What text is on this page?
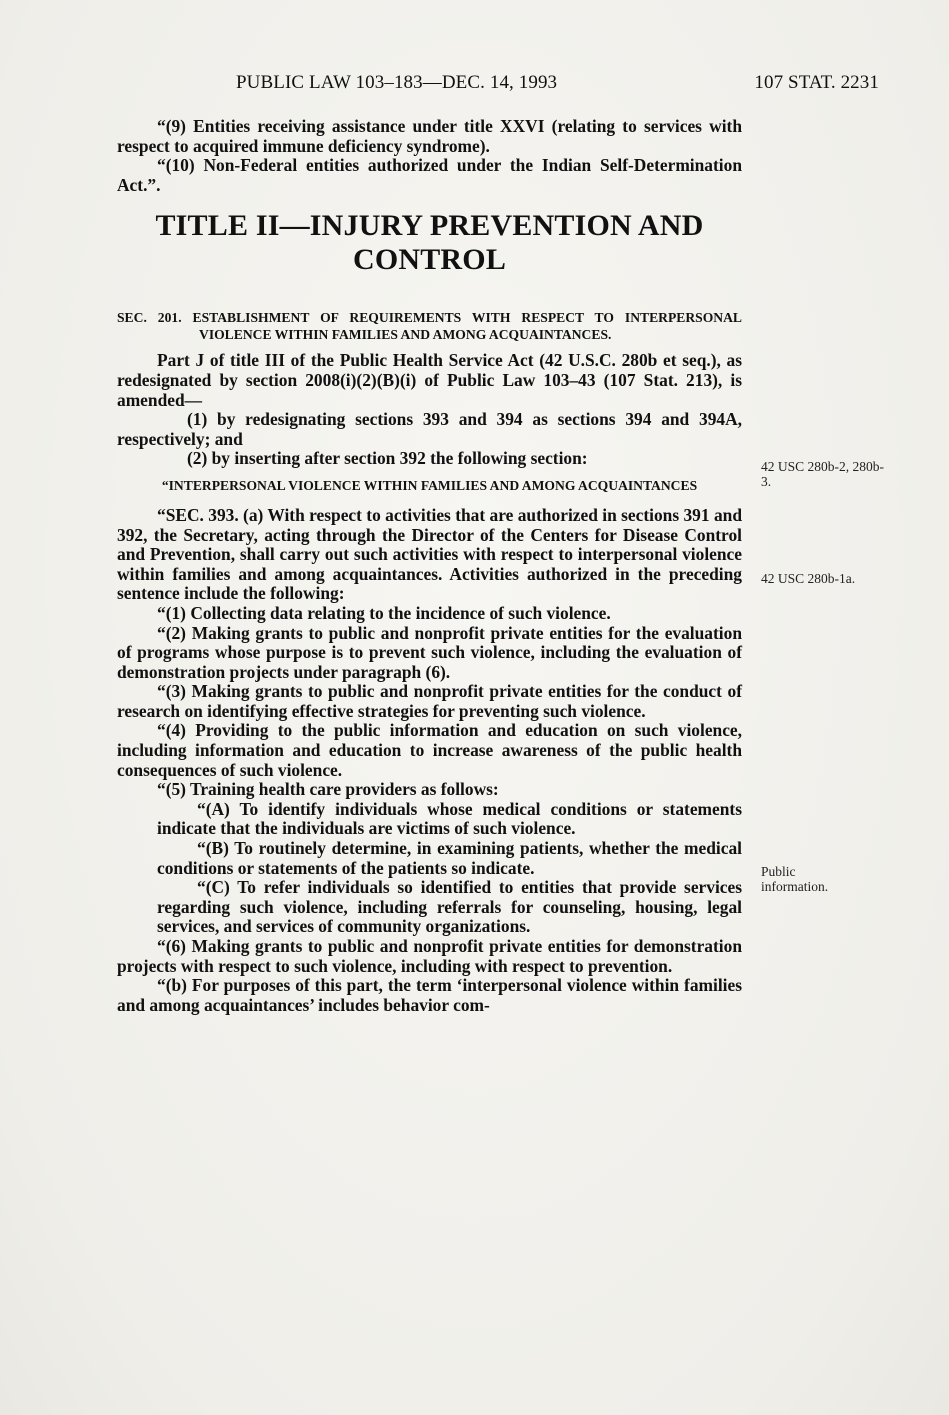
PUBLIC LAW 103–183—DEC. 14, 1993	107 STAT. 2231

“(9) Entities receiving assistance under title XXVI (relating to services with respect to acquired immune deficiency syndrome).

“(10) Non-Federal entities authorized under the Indian Self-Determination Act.”.

TITLE II—INJURY PREVENTION AND CONTROL
SEC. 201. ESTABLISHMENT OF REQUIREMENTS WITH RESPECT TO INTERPERSONAL VIOLENCE WITHIN FAMILIES AND AMONG ACQUAINTANCES.

Part J of title III of the Public Health Service Act (42 U.S.C. 280b et seq.), as redesignated by section 2008(i)(2)(B)(i) of Public Law 103–43 (107 Stat. 213), is amended—

(1) by redesignating sections 393 and 394 as sections 394 and 394A, respectively; and

(2) by inserting after section 392 the following section:

“INTERPERSONAL VIOLENCE WITHIN FAMILIES AND AMONG ACQUAINTANCES

“SEC. 393. (a) With respect to activities that are authorized in sections 391 and 392, the Secretary, acting through the Director of the Centers for Disease Control and Prevention, shall carry out such activities with respect to interpersonal violence within families and among acquaintances. Activities authorized in the preceding sentence include the following:

“(1) Collecting data relating to the incidence of such violence.

“(2) Making grants to public and nonprofit private entities for the evaluation of programs whose purpose is to prevent such violence, including the evaluation of demonstration projects under paragraph (6).

“(3) Making grants to public and nonprofit private entities for the conduct of research on identifying effective strategies for preventing such violence.

“(4) Providing to the public information and education on such violence, including information and education to increase awareness of the public health consequences of such violence.

“(5) Training health care providers as follows:

“(A) To identify individuals whose medical conditions or statements indicate that the individuals are victims of such violence.

“(B) To routinely determine, in examining patients, whether the medical conditions or statements of the patients so indicate.

“(C) To refer individuals so identified to entities that provide services regarding such violence, including referrals for counseling, housing, legal services, and services of community organizations.

“(6) Making grants to public and nonprofit private entities for demonstration projects with respect to such violence, including with respect to prevention.

“(b) For purposes of this part, the term ‘interpersonal violence within families and among acquaintances’ includes behavior com-

42 USC 280b-2, 280b-3.
42 USC 280b-1a.
Public information.
